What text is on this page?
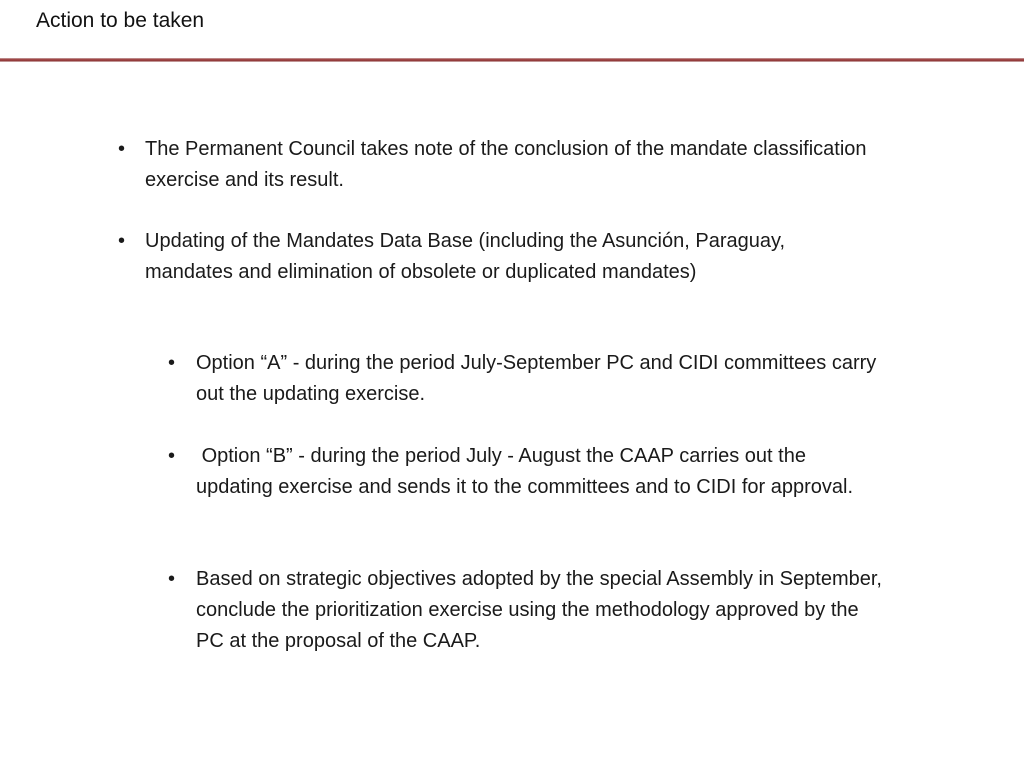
Action to be taken
• The Permanent Council takes note of the conclusion of the mandate classification exercise and its result.
• Updating of the Mandates Data Base (including the Asunción, Paraguay, mandates and elimination of obsolete or duplicated mandates)
•	Option “A” - during the period July-September PC and CIDI committees carry out the updating exercise.
•	Option “B” - during the period July - August the CAAP carries out the updating exercise and sends it to the committees and to CIDI for approval.
•	Based on strategic objectives adopted by the special Assembly in September, conclude the prioritization exercise using the methodology approved by the PC at the proposal of the CAAP.
